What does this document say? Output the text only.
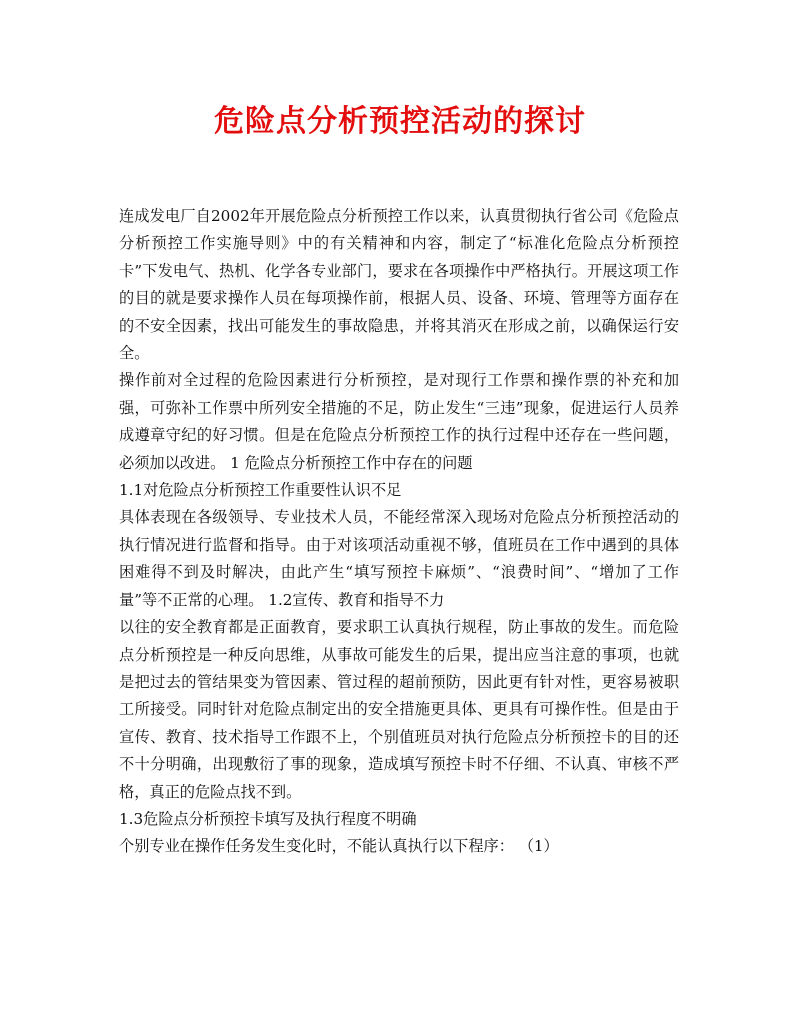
危险点分析预控活动的探讨

连成发电厂自2002年开展危险点分析预控工作以来，认真贯彻执行省公司《危险点分析预控工作实施导则》中的有关精神和内容，制定了“标准化危险点分析预控卡”下发电气、热机、化学各专业部门，要求在各项操作中严格执行。开展这项工作的目的就是要求操作人员在每项操作前，根据人员、设备、环境、管理等方面存在的不安全因素，找出可能发生的事故隐患，并将其消灭在形成之前，以确保运行安全。

操作前对全过程的危险因素进行分析预控，是对现行工作票和操作票的补充和加强，可弥补工作票中所列安全措施的不足，防止发生“三违”现象，促进运行人员养成遵章守纪的好习惯。但是在危险点分析预控工作的执行过程中还存在一些问题，必须加以改进。 1 危险点分析预控工作中存在的问题

1.1对危险点分析预控工作重要性认识不足

具体表现在各级领导、专业技术人员，不能经常深入现场对危险点分析预控活动的执行情况进行监督和指导。由于对该项活动重视不够，值班员在工作中遇到的具体困难得不到及时解决，由此产生“填写预控卡麻烦”、“浪费时间”、“增加了工作量”等不正常的心理。 1.2宣传、教育和指导不力

以往的安全教育都是正面教育，要求职工认真执行规程，防止事故的发生。而危险点分析预控是一种反向思维，从事故可能发生的后果，提出应当注意的事项，也就是把过去的管结果变为管因素、管过程的超前预防，因此更有针对性，更容易被职工所接受。同时针对危险点制定出的安全措施更具体、更具有可操作性。但是由于宣传、教育、技术指导工作跟不上，个别值班员对执行危险点分析预控卡的目的还不十分明确，出现敷衍了事的现象，造成填写预控卡时不仔细、不认真、审核不严格，真正的危险点找不到。

1.3危险点分析预控卡填写及执行程度不明确

个别专业在操作任务发生变化时，不能认真执行以下程序： （1）
